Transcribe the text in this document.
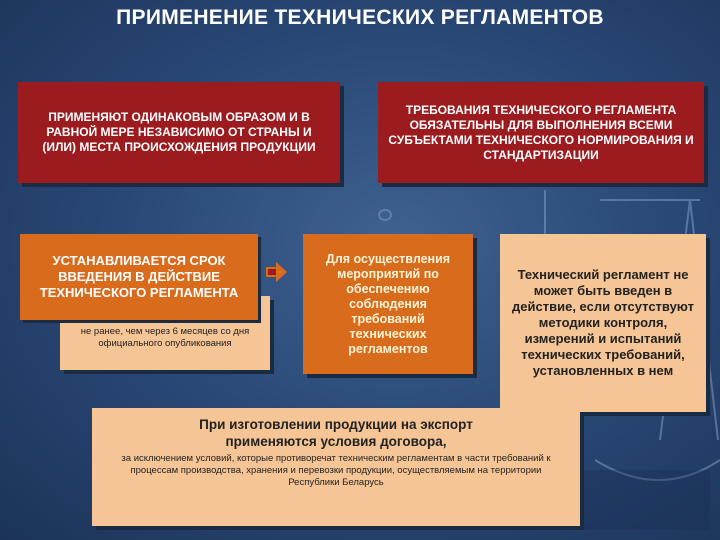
ПРИМЕНЕНИЕ ТЕХНИЧЕСКИХ РЕГЛАМЕНТОВ
ПРИМЕНЯЮТ ОДИНАКОВЫМ ОБРАЗОМ И В РАВНОЙ МЕРЕ НЕЗАВИСИМО ОТ СТРАНЫ И (ИЛИ) МЕСТА ПРОИСХОЖДЕНИЯ ПРОДУКЦИИ
ТРЕБОВАНИЯ ТЕХНИЧЕСКОГО РЕГЛАМЕНТА ОБЯЗАТЕЛЬНЫ ДЛЯ ВЫПОЛНЕНИЯ ВСЕМИ СУБЪЕКТАМИ ТЕХНИЧЕСКОГО НОРМИРОВАНИЯ И СТАНДАРТИЗАЦИИ
не ранее, чем через 6 месяцев со дня официального опубликования
УСТАНАВЛИВАЕТСЯ СРОК ВВЕДЕНИЯ В ДЕЙСТВИЕ ТЕХНИЧЕСКОГО РЕГЛАМЕНТА
Для осуществления мероприятий по обеспечению соблюдения требований технических регламентов
Технический регламент не может быть введен в действие, если отсутствуют методики контроля, измерений и испытаний технических требований, установленных в нем
При изготовлении продукции на экспорт применяются условия договора,
за исключением условий, которые противоречат техническим регламентам в части требований к процессам производства, хранения и перевозки продукции, осуществляемым на территории Республики Беларусь
